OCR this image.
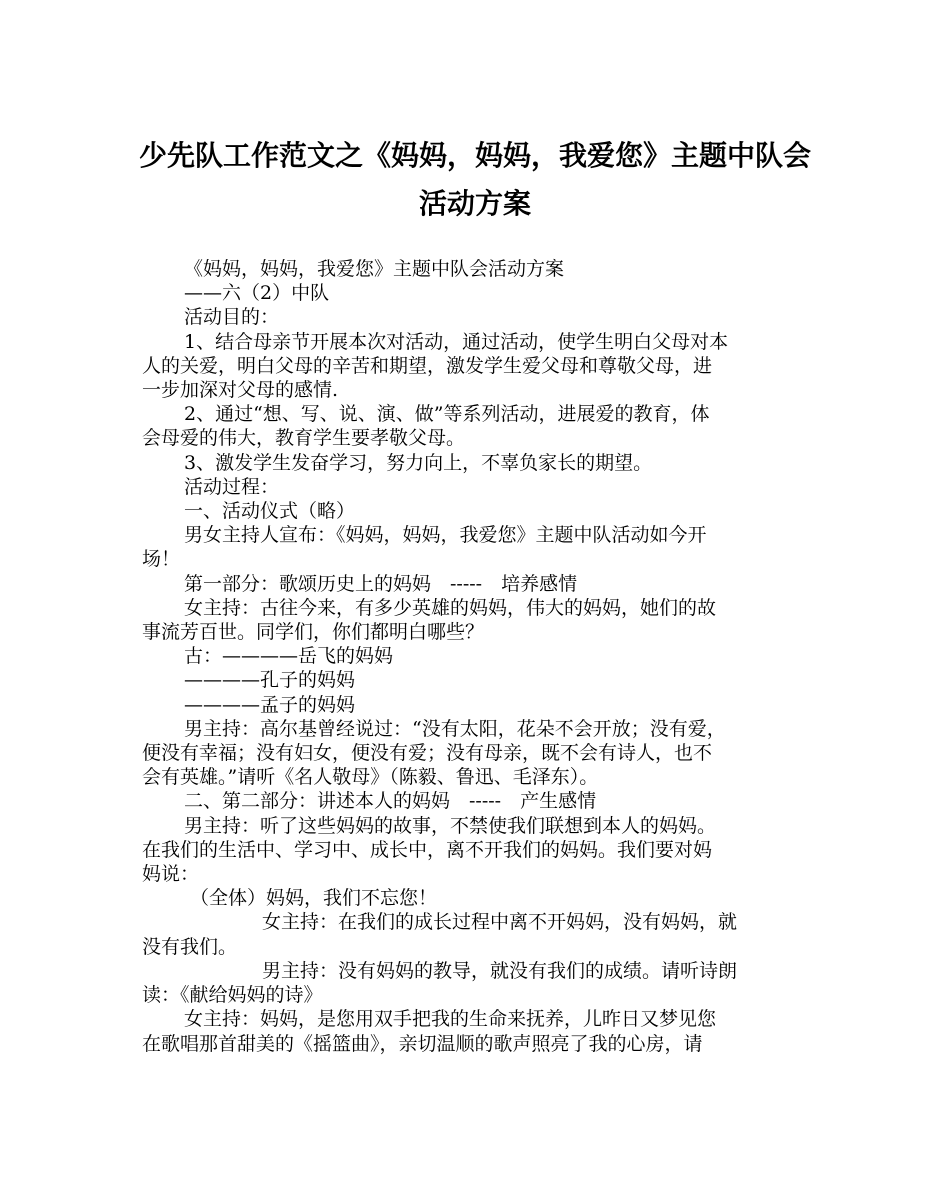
少先队工作范文之《妈妈，妈妈，我爱您》主题中队会
活动方案

《妈妈，妈妈，我爱您》主题中队会活动方案

——六（2）中队

活动目的：

1、结合母亲节开展本次对活动，通过活动，使学生明白父母对本

人的关爱，明白父母的辛苦和期望，激发学生爱父母和尊敬父母，进

一步加深对父母的感情.

2、通过“想、写、说、演、做”等系列活动，进展爱的教育，体

会母爱的伟大，教育学生要孝敬父母。

3、激发学生发奋学习，努力向上，不辜负家长的期望。

活动过程：

一、活动仪式（略）

男女主持人宣布：《妈妈，妈妈，我爱您》主题中队活动如今开

场！

第一部分：歌颂历史上的妈妈　-----　培养感情

女主持：古往今来，有多少英雄的妈妈，伟大的妈妈，她们的故

事流芳百世。同学们，你们都明白哪些？

古：————岳飞的妈妈

————孔子的妈妈

————孟子的妈妈

男主持：高尔基曾经说过：“没有太阳，花朵不会开放；没有爱，

便没有幸福；没有妇女，便没有爱；没有母亲，既不会有诗人，也不

会有英雄。”请听《名人敬母》（陈毅、鲁迅、毛泽东）。

二、第二部分：讲述本人的妈妈　-----　产生感情

男主持：听了这些妈妈的故事，不禁使我们联想到本人的妈妈。

在我们的生活中、学习中、成长中，离不开我们的妈妈。我们要对妈

妈说：

（全体）妈妈，我们不忘您！

女主持：在我们的成长过程中离不开妈妈，没有妈妈，就

没有我们。

男主持：没有妈妈的教导，就没有我们的成绩。请听诗朗

读：《献给妈妈的诗》

女主持：妈妈，是您用双手把我的生命来抚养，儿昨日又梦见您

在歌唱那首甜美的《摇篮曲》，亲切温顺的歌声照亮了我的心房，请
